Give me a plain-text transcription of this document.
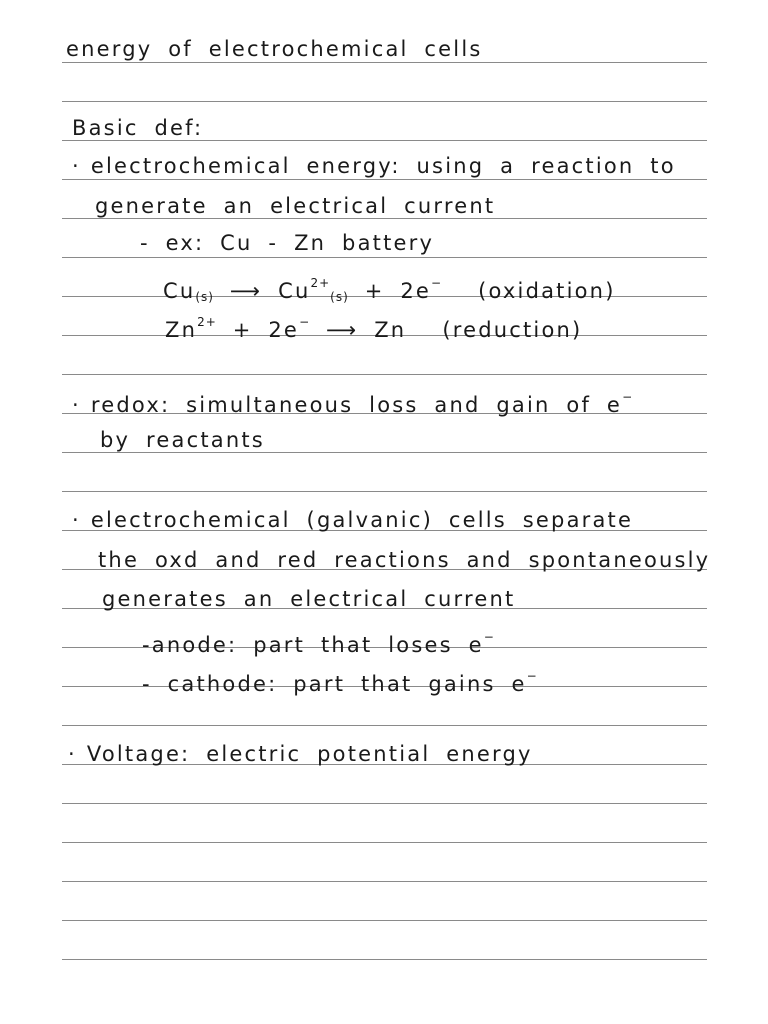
energy of electrochemical cells
Basic def:
· electrochemical energy: using a reaction to
generate an electrical current
- ex: Cu - Zn battery
$Cu_{(s)}$ ⟶ $Cu^{2+}_{(s)} + 2e^-$ (oxidation)
$Zn^{2+} + 2e^-$ ⟶ Zn (reduction)
· redox: simultaneous loss and gain of e−
by reactants
· electrochemical (galvanic) cells separate
the oxd and red reactions and spontaneously
generates an electrical current
-anode: part that loses e−
- cathode: part that gains e−
· Voltage: electric potential energy
